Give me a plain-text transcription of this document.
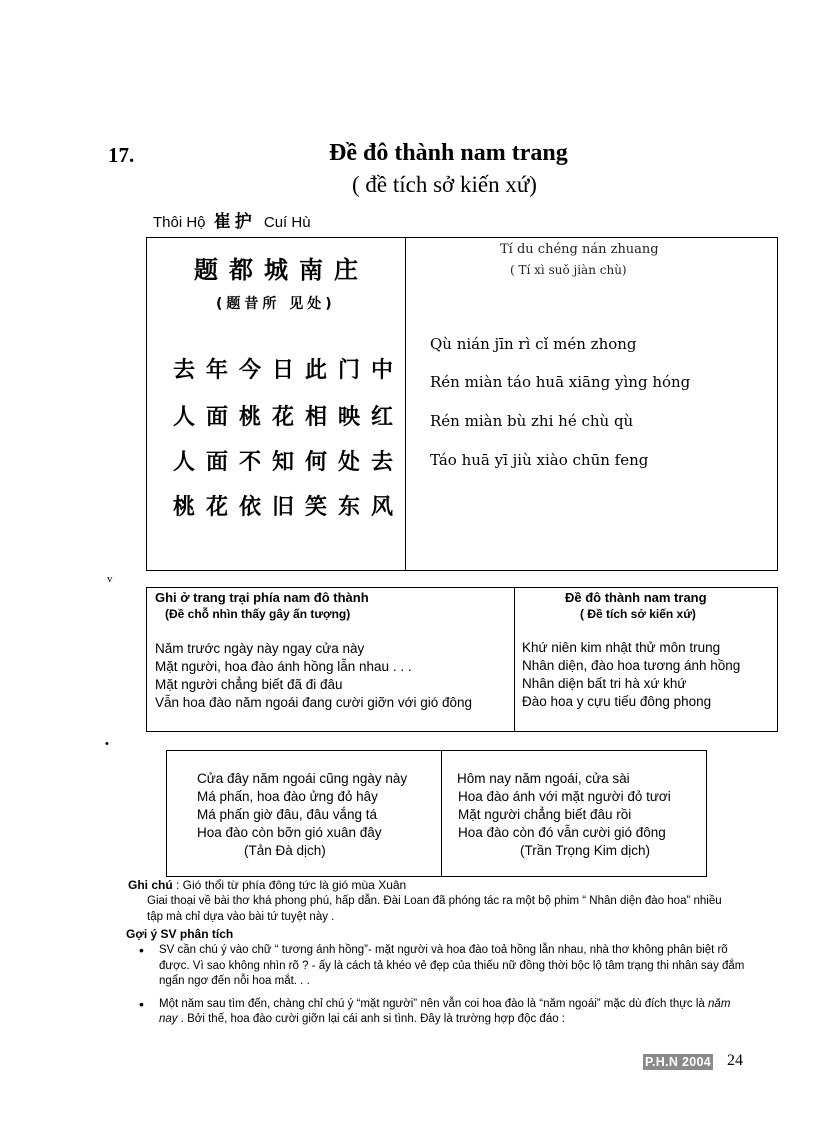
17.	Đề đô thành nam trang
( đề tích sở kiến xứ)
Thôi Hộ 崔护 Cuí Hù
题都城南庄
(题昔所 见处)
去年今日此门中
人面桃花相映红
人面不知何处去
桃花依旧笑东风
Tí du chéng nán zhuang
( Tí xì suǒ jiàn chù)
Qù nián jīn rì cǐ mén zhong
Rén miàn táo huā xiāng yìng hóng
Rén miàn bù zhi hé chù qù
Táo huā yī jiù xiào chūn feng
v
Ghi ở trang trại phía nam đô thành
(Đề chỗ nhìn thấy gây ấn tượng)
Năm trước ngày này ngay cửa này
Mặt người, hoa đào ánh hồng lẫn nhau . . .
Mặt người chẳng biết đã đi đâu
Vẫn hoa đào năm ngoái đang cười giỡn với gió đông
Đề đô thành nam trang
( Đề tích sở kiến xứ)
Khứ niên kim nhật thử môn trung
Nhân diện, đào hoa tương ánh hồng
Nhân diện bất tri hà xứ khứ
Đào hoa y cựu tiếu đông phong
•
Cửa đây năm ngoái cũng ngày này
Má phấn, hoa đào ửng đỏ hây
Má phấn giờ đâu, đâu vắng tá
Hoa đào còn bỡn gió xuân đây
(Tản Đà dịch)
Hôm nay năm ngoái, cửa sài
Hoa đào ánh với mặt người đỏ tươi
Mặt người chẳng biết đâu rồi
Hoa đào còn đó vẫn cười gió đông
(Trần Trọng Kim dịch)
Ghi chú : Gió thổi từ phía đông tức là gió mùa Xuân
Giai thoại về bài thơ khá phong phú, hấp dẫn. Đài Loan đã phóng tác ra một bộ phim “ Nhân diện đào hoa” nhiều tập mà chỉ dựa vào bài tứ tuyệt này .
Gợi ý SV phân tích
• SV cần chú ý vào chữ “ tương ánh hồng”- mặt người và hoa đào toả hồng lẫn nhau, nhà thơ không phân biệt rõ được. Vì sao không nhìn rõ ? - ấy là cách tả khéo vẻ đẹp của thiếu nữ đồng thời bộc lộ tâm trạng thi nhân say đắm ngẩn ngơ đến nỗi hoa mắt. . .
• Một năm sau tìm đến, chàng chỉ chú ý “mặt người” nên vẫn coi hoa đào là “năm ngoái” mặc dù đích thực là năm nay . Bởi thế, hoa đào cười giỡn lại cái anh si tình. Đây là trường hợp độc đáo :
P.H.N 2004 24
